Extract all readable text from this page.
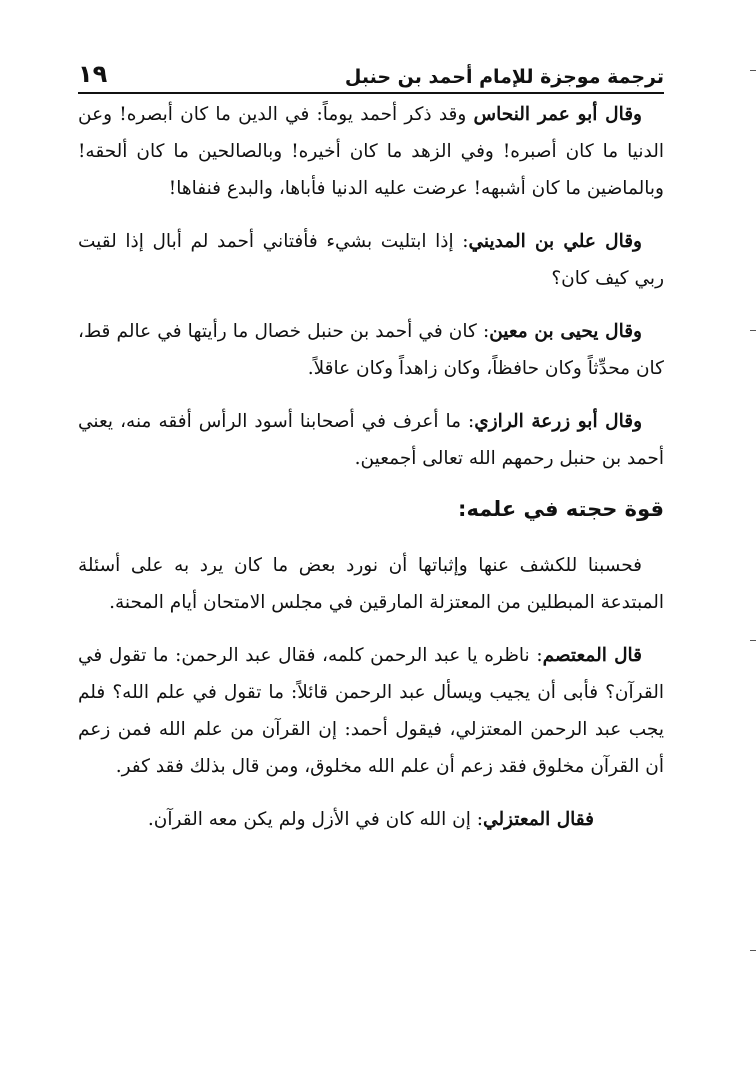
ترجمة موجزة للإمام أحمد بن حنبل
١٩

وقال أبو عمر النحاس وقد ذكر أحمد يوماً: في الدين ما كان أبصره! وعن الدنيا ما كان أصبره! وفي الزهد ما كان أخيره! وبالصالحين ما كان ألحقه! وبالماضين ما كان أشبهه! عرضت عليه الدنيا فأباها، والبدع فنفاها!

وقال علي بن المديني: إذا ابتليت بشيء فأفتاني أحمد لم أبال إذا لقيت ربي كيف كان؟

وقال يحيى بن معين: كان في أحمد بن حنبل خصال ما رأيتها في عالم قط، كان محدِّثاً وكان حافظاً، وكان زاهداً وكان عاقلاً.

وقال أبو زرعة الرازي: ما أعرف في أصحابنا أسود الرأس أفقه منه، يعني أحمد بن حنبل رحمهم الله تعالى أجمعين.

قوة حجته في علمه:

فحسبنا للكشف عنها وإثباتها أن نورد بعض ما كان يرد به على أسئلة المبتدعة المبطلين من المعتزلة المارقين في مجلس الامتحان أيام المحنة.

قال المعتصم: ناظره يا عبد الرحمن كلمه، فقال عبد الرحمن: ما تقول في القرآن؟ فأبى أن يجيب ويسأل عبد الرحمن قائلاً: ما تقول في علم الله؟ فلم يجب عبد الرحمن المعتزلي، فيقول أحمد: إن القرآن من علم الله فمن زعم أن القرآن مخلوق فقد زعم أن علم الله مخلوق، ومن قال بذلك فقد كفر.

فقال المعتزلي: إن الله كان في الأزل ولم يكن معه القرآن.
